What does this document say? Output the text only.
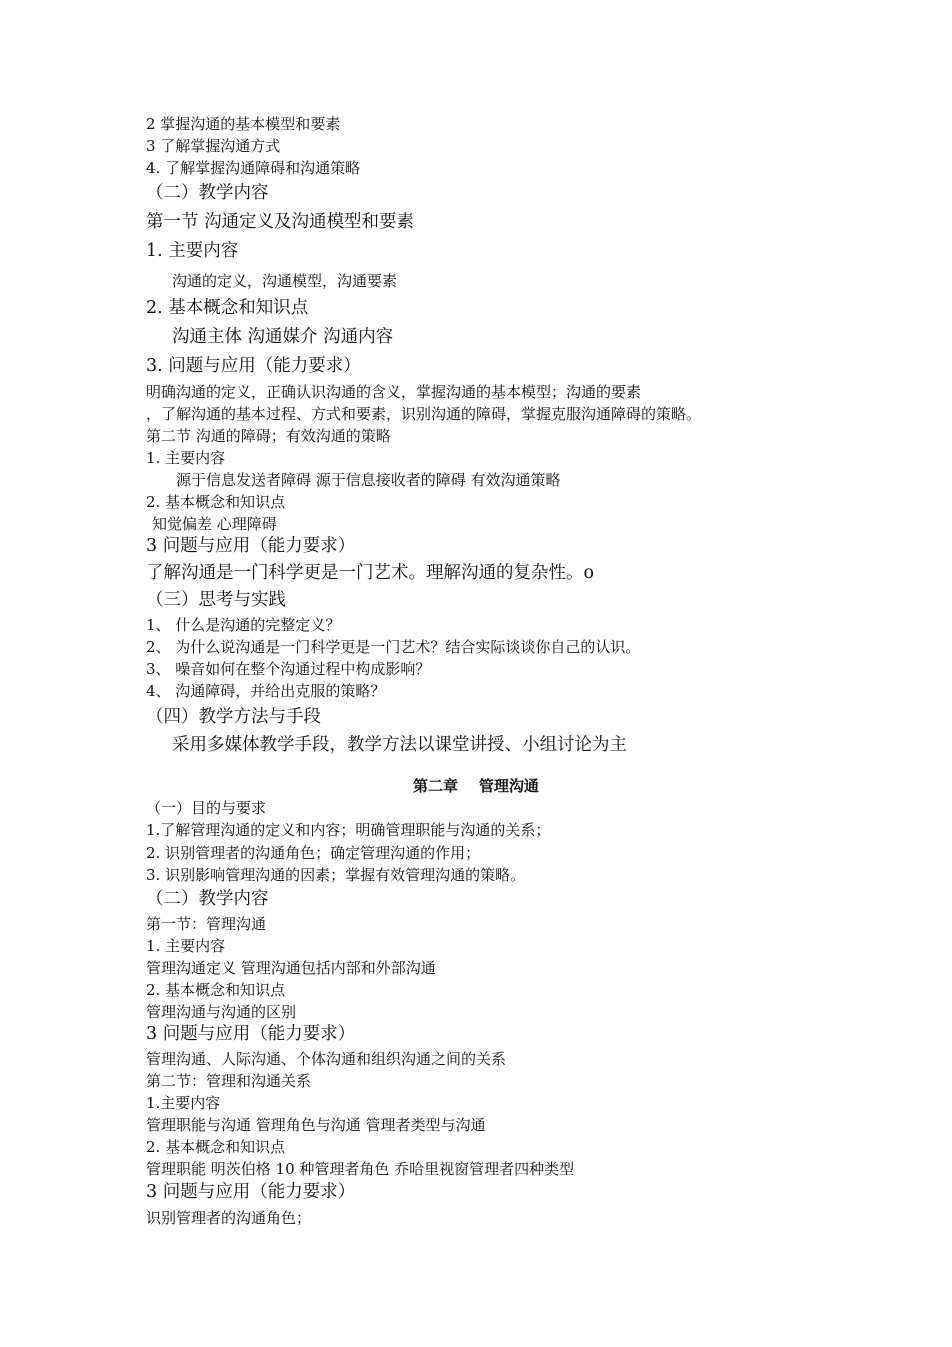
2 掌握沟通的基本模型和要素
3 了解掌握沟通方式
4. 了解掌握沟通障碍和沟通策略
（二）教学内容
第一节 沟通定义及沟通模型和要素
1. 主要内容
沟通的定义，沟通模型，沟通要素
2. 基本概念和知识点
沟通主体 沟通媒介 沟通内容
3. 问题与应用（能力要求）
明确沟通的定义，正确认识沟通的含义，掌握沟通的基本模型；沟通的要素
，了解沟通的基本过程、方式和要素，识别沟通的障碍，掌握克服沟通障碍的策略。
第二节 沟通的障碍；有效沟通的策略
1. 主要内容
源于信息发送者障碍 源于信息接收者的障碍 有效沟通策略
2. 基本概念和知识点
知觉偏差 心理障碍
3 问题与应用（能力要求）
了解沟通是一门科学更是一门艺术。理解沟通的复杂性。o
（三）思考与实践
1、 什么是沟通的完整定义？
2、 为什么说沟通是一门科学更是一门艺术？结合实际谈谈你自己的认识。
3、 噪音如何在整个沟通过程中构成影响？
4、 沟通障碍，并给出克服的策略？
（四）教学方法与手段
采用多媒体教学手段，教学方法以课堂讲授、小组讨论为主
第二章    管理沟通
（一）目的与要求
1.了解管理沟通的定义和内容；明确管理职能与沟通的关系；
2. 识别管理者的沟通角色；确定管理沟通的作用；
3. 识别影响管理沟通的因素；掌握有效管理沟通的策略。
（二）教学内容
第一节：管理沟通
1. 主要内容
管理沟通定义 管理沟通包括内部和外部沟通
2. 基本概念和知识点
管理沟通与沟通的区别
3 问题与应用（能力要求）
管理沟通、人际沟通、个体沟通和组织沟通之间的关系
第二节：管理和沟通关系
1.主要内容
管理职能与沟通 管理角色与沟通 管理者类型与沟通
2. 基本概念和知识点
管理职能 明茨伯格 10 种管理者角色 乔哈里视窗管理者四种类型
3 问题与应用（能力要求）
识别管理者的沟通角色；
